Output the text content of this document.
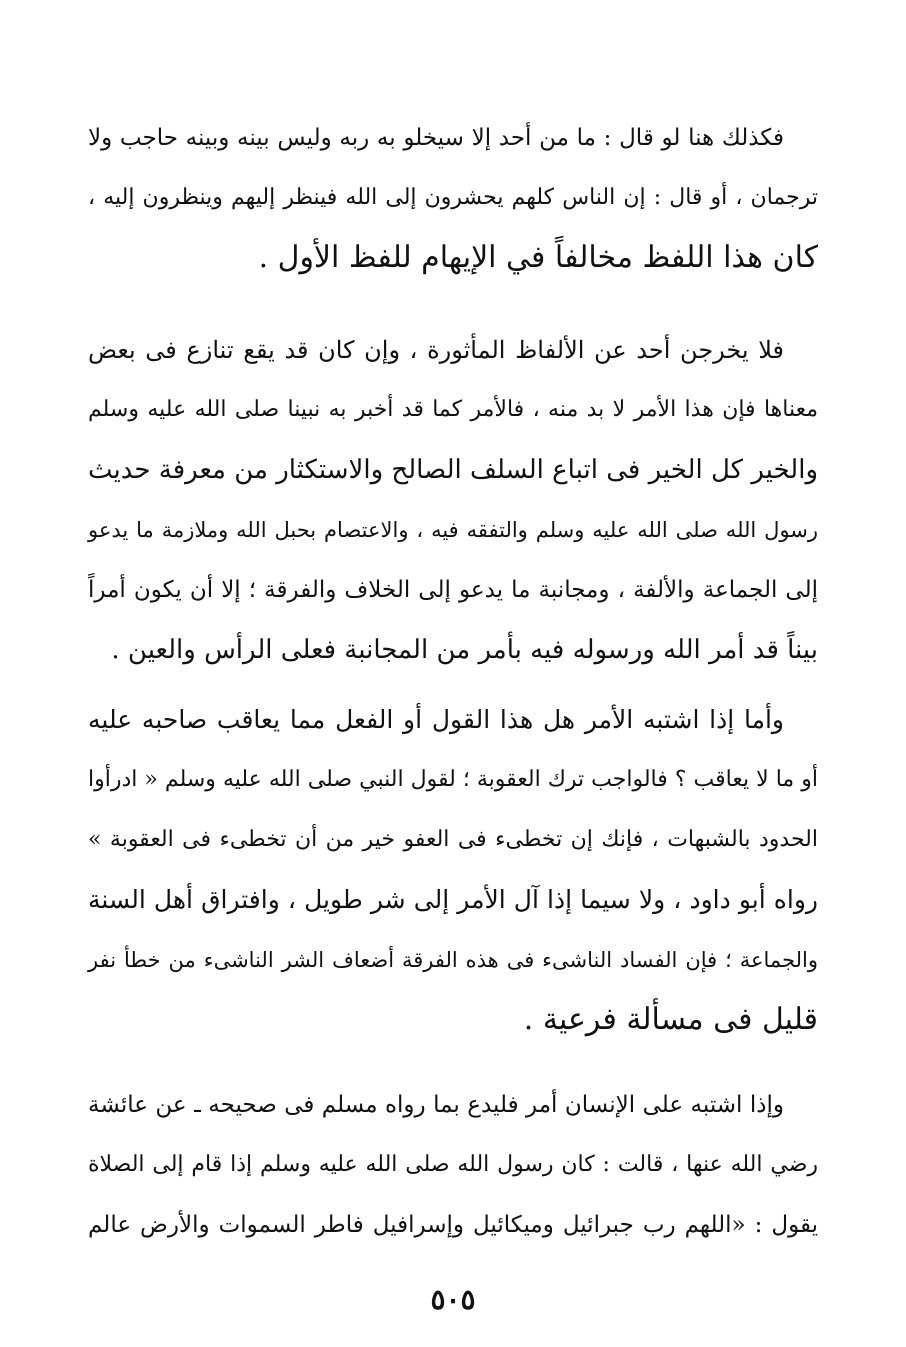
فكذلك هنا لو قال : ما من أحد إلا سيخلو به ربه وليس بينه وبينه حاجب ولا
ترجمان ، أو قال : إن الناس كلهم يحشرون إلى الله فينظر إليهم وينظرون إليه ،
كان هذا اللفظ مخالفاً في الإيهام للفظ الأول .
فلا يخرجن أحد عن الألفاظ المأثورة ، وإن كان قد يقع تنازع فى بعض
معناها فإن هذا الأمر لا بد منه ، فالأمر كما قد أخبر به نبينا صلى الله عليه وسلم
والخير كل الخير فى اتباع السلف الصالح والاستكثار من معرفة حديث
رسول الله صلى الله عليه وسلم والتفقه فيه ، والاعتصام بحبل الله وملازمة ما يدعو
إلى الجماعة والألفة ، ومجانبة ما يدعو إلى الخلاف والفرقة ؛ إلا أن يكون أمراً
بيناً قد أمر الله ورسوله فيه بأمر من المجانبة فعلى الرأس والعين .
وأما إذا اشتبه الأمر هل هذا القول أو الفعل مما يعاقب صاحبه عليه
أو ما لا يعاقب ؟ فالواجب ترك العقوبة ؛ لقول النبي صلى الله عليه وسلم « ادرأوا
الحدود بالشبهات ، فإنك إن تخطىء فى العفو خير من أن تخطىء فى العقوبة »
رواه أبو داود ، ولا سيما إذا آل الأمر إلى شر طويل ، وافتراق أهل السنة
والجماعة ؛ فإن الفساد الناشىء فى هذه الفرقة أضعاف الشر الناشىء من خطأ نفر
قليل فى مسألة فرعية .
وإذا اشتبه على الإنسان أمر فليدع بما رواه مسلم فى صحيحه ـ عن عائشة
رضي الله عنها ، قالت : كان رسول الله صلى الله عليه وسلم إذا قام إلى الصلاة
يقول : «اللهم رب جبرائيل وميكائيل وإسرافيل فاطر السموات والأرض عالم
٥٠٥
